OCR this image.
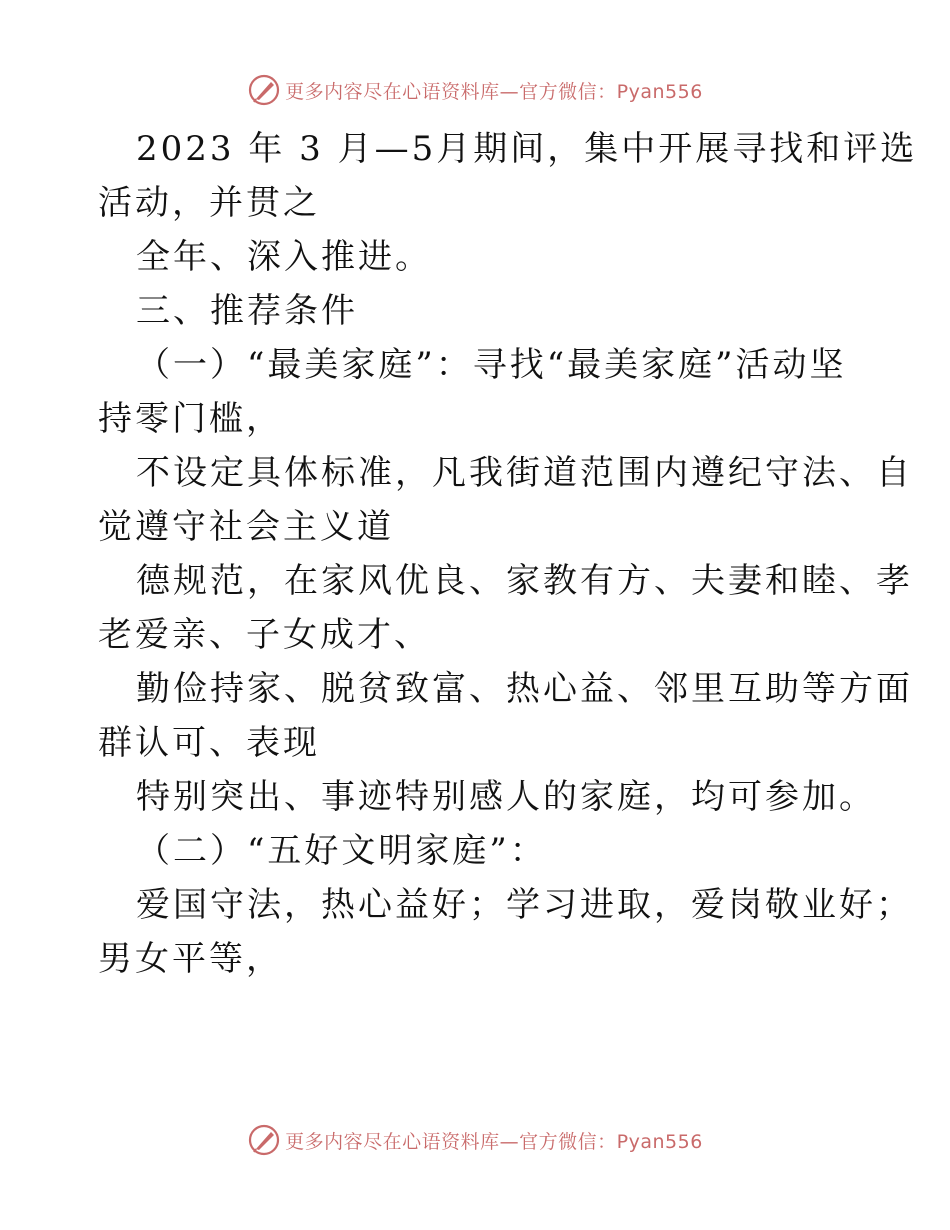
更多内容尽在心语资料库—官方微信：Pyan556
2023 年 3 月—5月期间，集中开展寻找和评选
活动，并贯之
全年、深入推进。
三、推荐条件
（一）“最美家庭”：寻找“最美家庭”活动坚
持零门槛，
不设定具体标准，凡我街道范围内遵纪守法、自
觉遵守社会主义道
德规范，在家风优良、家教有方、夫妻和睦、孝
老爱亲、子女成才、
勤俭持家、脱贫致富、热心益、邻里互助等方面
群认可、表现
特别突出、事迹特别感人的家庭，均可参加。
（二）“五好文明家庭”：
爱国守法，热心益好；学习进取，爱岗敬业好；
男女平等，
更多内容尽在心语资料库—官方微信：Pyan556
